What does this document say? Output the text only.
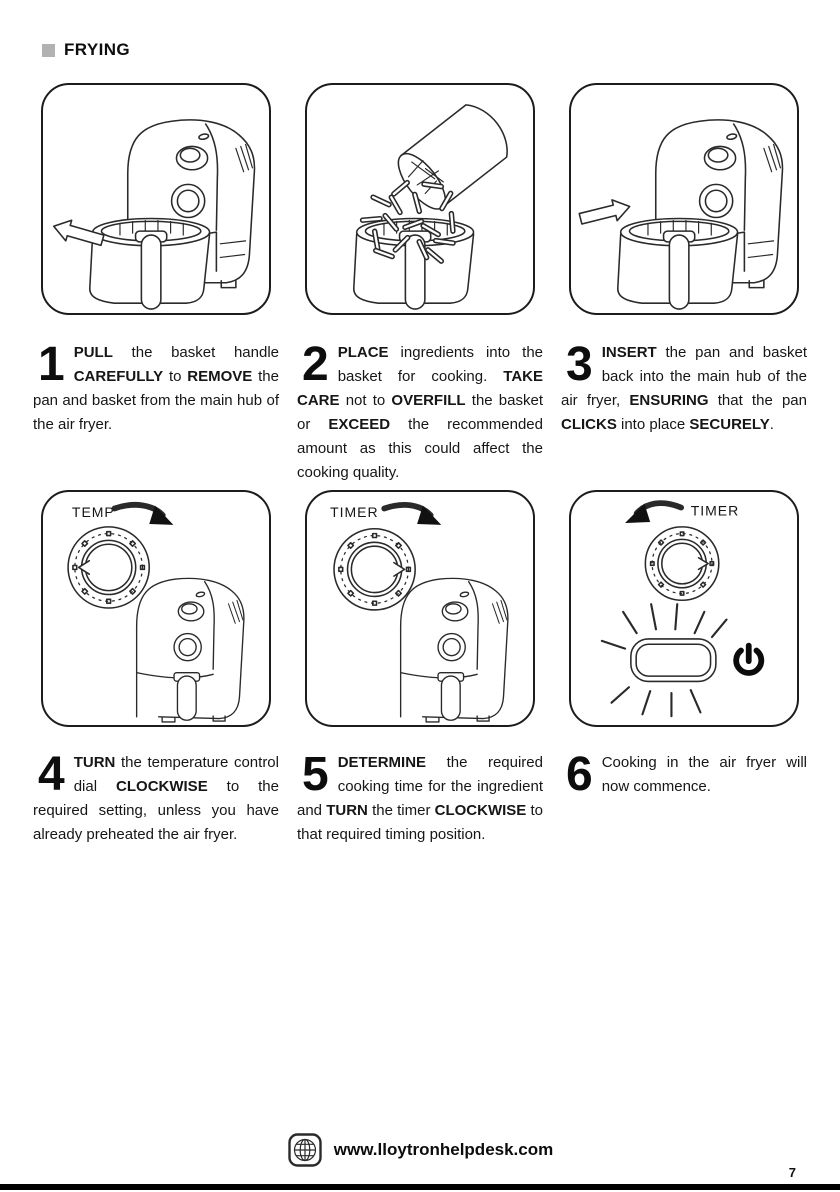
FRYING
1 PULL the basket handle CAREFULLY to REMOVE the pan and basket from the main hub of the air fryer.
2 PLACE ingredients into the basket for cooking. TAKE CARE not to OVERFILL the basket or EXCEED the recommended amount as this could affect the cooking quality.
3 INSERT the pan and basket back into the main hub of the air fryer, ENSURING that the pan CLICKS into place SECURELY.
TEMP	TIMER	TIMER
4 TURN the temperature control dial CLOCKWISE to the required setting, unless you have already preheated the air fryer.
5 DETERMINE the required cooking time for the ingredient and TURN the timer CLOCKWISE to that required timing position.
6 Cooking in the air fryer will now commence.
www.lloytronhelpdesk.com
7
